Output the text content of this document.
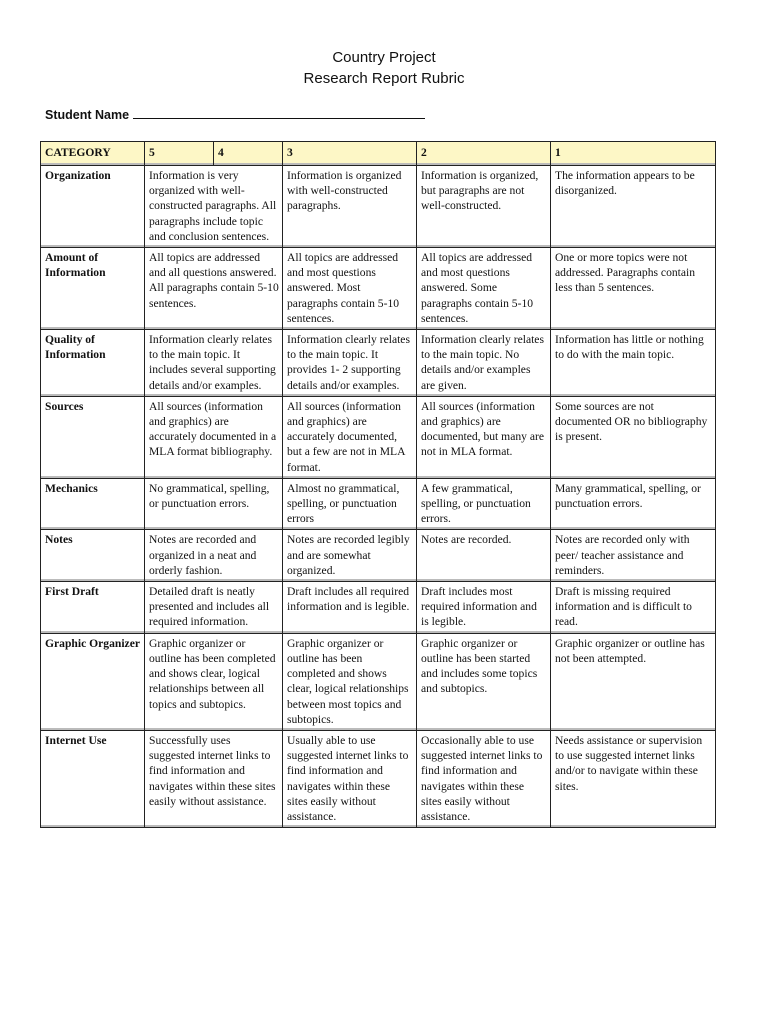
Country Project
Research Report Rubric
Student Name
CATEGORY	5	4	3	2	1
Organization	Information is very organized with well-constructed paragraphs. All paragraphs include topic and conclusion sentences.		Information is organized with well-constructed paragraphs.	Information is organized, but paragraphs are not well-constructed.	The information appears to be disorganized.
Amount of Information	All topics are addressed and all questions answered. All paragraphs contain 5-10 sentences.		All topics are addressed and most questions answered. Most paragraphs contain 5-10 sentences.	All topics are addressed and most questions answered. Some paragraphs contain 5-10 sentences.	One or more topics were not addressed. Paragraphs contain less than 5 sentences.
Quality of Information	Information clearly relates to the main topic. It includes several supporting details and/or examples.		Information clearly relates to the main topic. It provides 1- 2 supporting details and/or examples.	Information clearly relates to the main topic. No details and/or examples are given.	Information has little or nothing to do with the main topic.
Sources	All sources (information and graphics) are accurately documented in a MLA format bibliography.		All sources (information and graphics) are accurately documented, but a few are not in MLA format.	All sources (information and graphics) are documented, but many are not in MLA format.	Some sources are not documented OR no bibliography is present.
Mechanics	No grammatical, spelling, or punctuation errors.		Almost no grammatical, spelling, or punctuation errors	A few grammatical, spelling, or punctuation errors.	Many grammatical, spelling, or punctuation errors.
Notes	Notes are recorded and organized in a neat and orderly fashion.		Notes are recorded legibly and are somewhat organized.	Notes are recorded.	Notes are recorded only with peer/ teacher assistance and reminders.
First Draft	Detailed draft is neatly presented and includes all required information.		Draft includes all required information and is legible.	Draft includes most required information and is legible.	Draft is missing required information and is difficult to read.
Graphic Organizer	Graphic organizer or outline has been completed and shows clear, logical relationships between all topics and subtopics.		Graphic organizer or outline has been completed and shows clear, logical relationships between most topics and subtopics.	Graphic organizer or outline has been started and includes some topics and subtopics.	Graphic organizer or outline has not been attempted.
Internet Use	Successfully uses suggested internet links to find information and navigates within these sites easily without assistance.		Usually able to use suggested internet links to find information and navigates within these sites easily without assistance.	Occasionally able to use suggested internet links to find information and navigates within these sites easily without assistance.	Needs assistance or supervision to use suggested internet links and/or to navigate within these sites.
